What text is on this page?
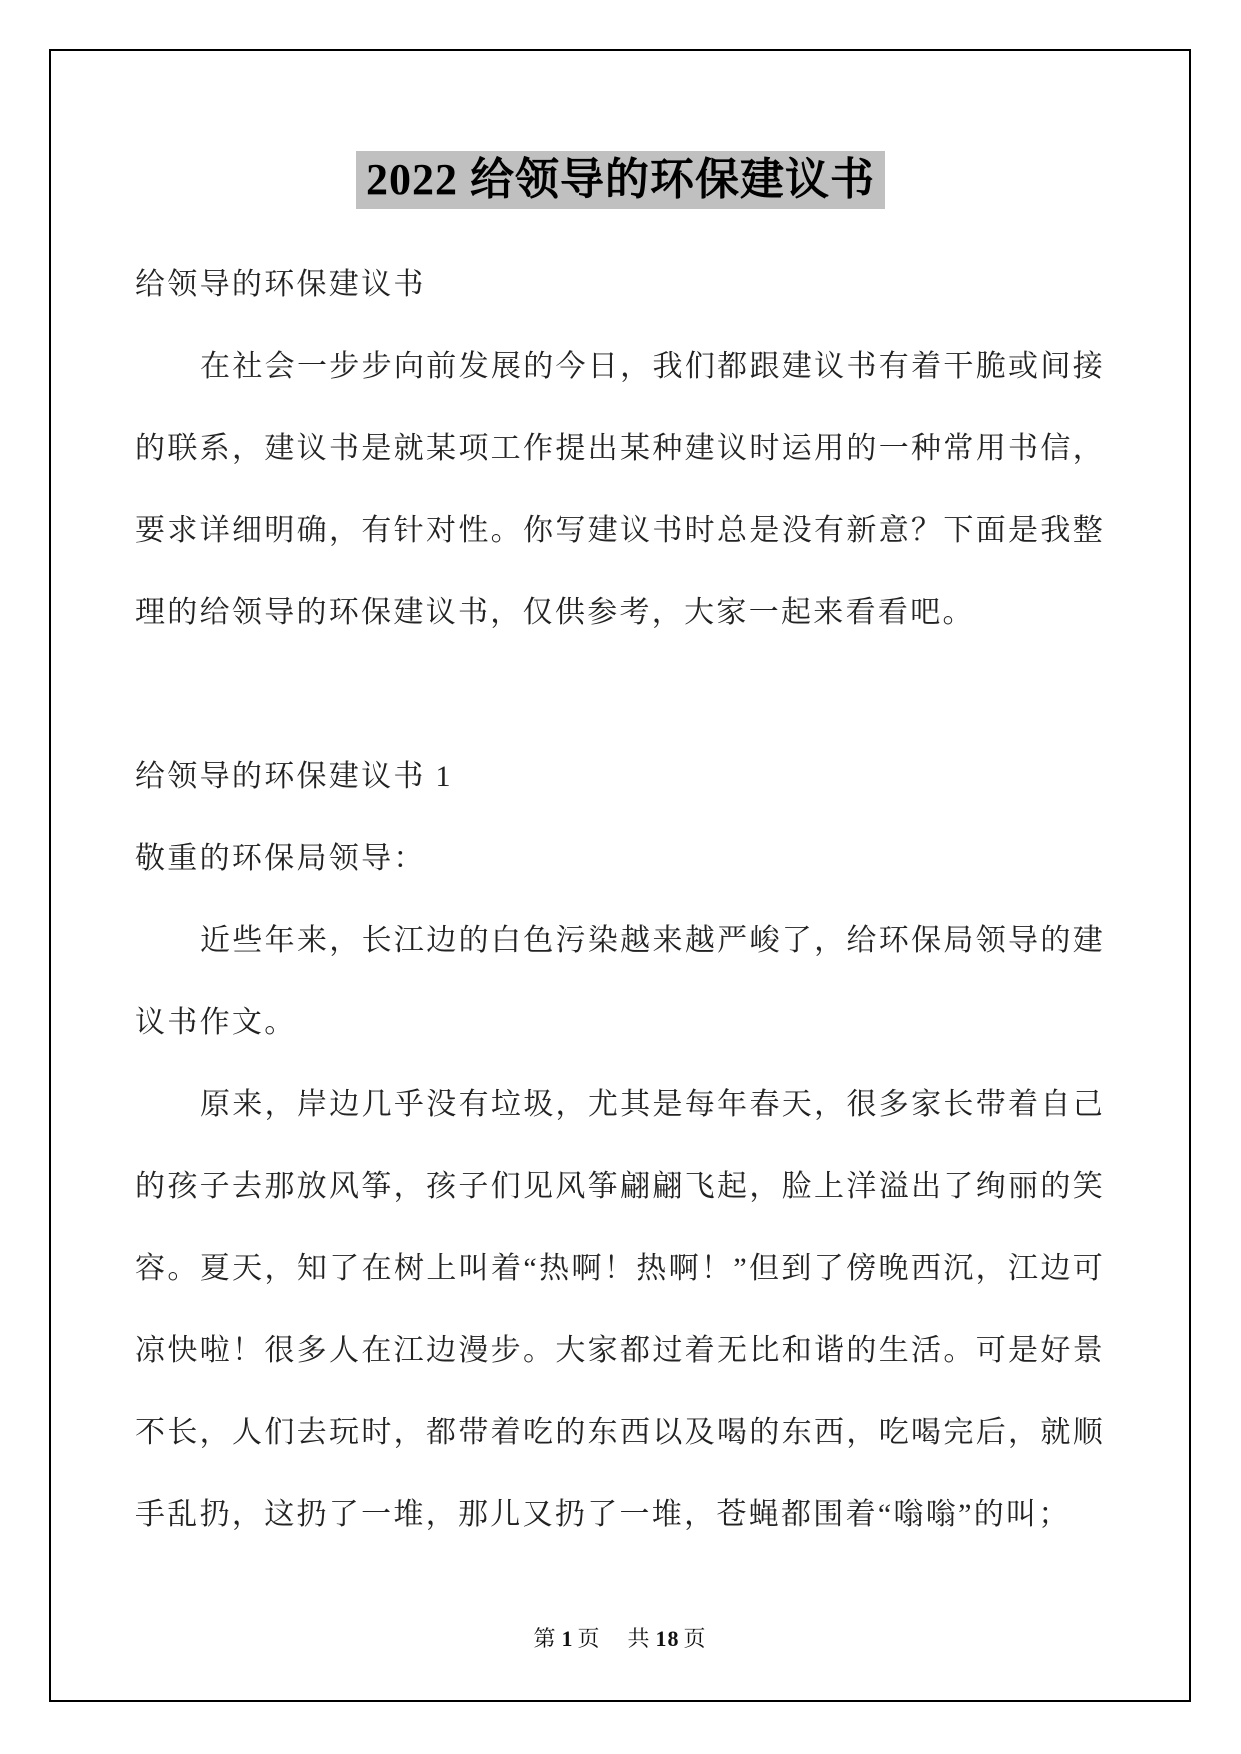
2022 给领导的环保建议书

给领导的环保建议书

在社会一步步向前发展的今日，我们都跟建议书有着干脆或间接的联系，建议书是就某项工作提出某种建议时运用的一种常用书信，要求详细明确，有针对性。你写建议书时总是没有新意？下面是我整理的给领导的环保建议书，仅供参考，大家一起来看看吧。

给领导的环保建议书 1

敬重的环保局领导：

近些年来，长江边的白色污染越来越严峻了，给环保局领导的建议书作文。

原来，岸边几乎没有垃圾，尤其是每年春天，很多家长带着自己的孩子去那放风筝，孩子们见风筝翩翩飞起，脸上洋溢出了绚丽的笑容。夏天，知了在树上叫着“热啊！热啊！”但到了傍晚西沉，江边可凉快啦！很多人在江边漫步。大家都过着无比和谐的生活。可是好景不长，人们去玩时，都带着吃的东西以及喝的东西，吃喝完后，就顺手乱扔，这扔了一堆，那儿又扔了一堆，苍蝇都围着“嗡嗡”的叫；

第 1 页 共 18 页
